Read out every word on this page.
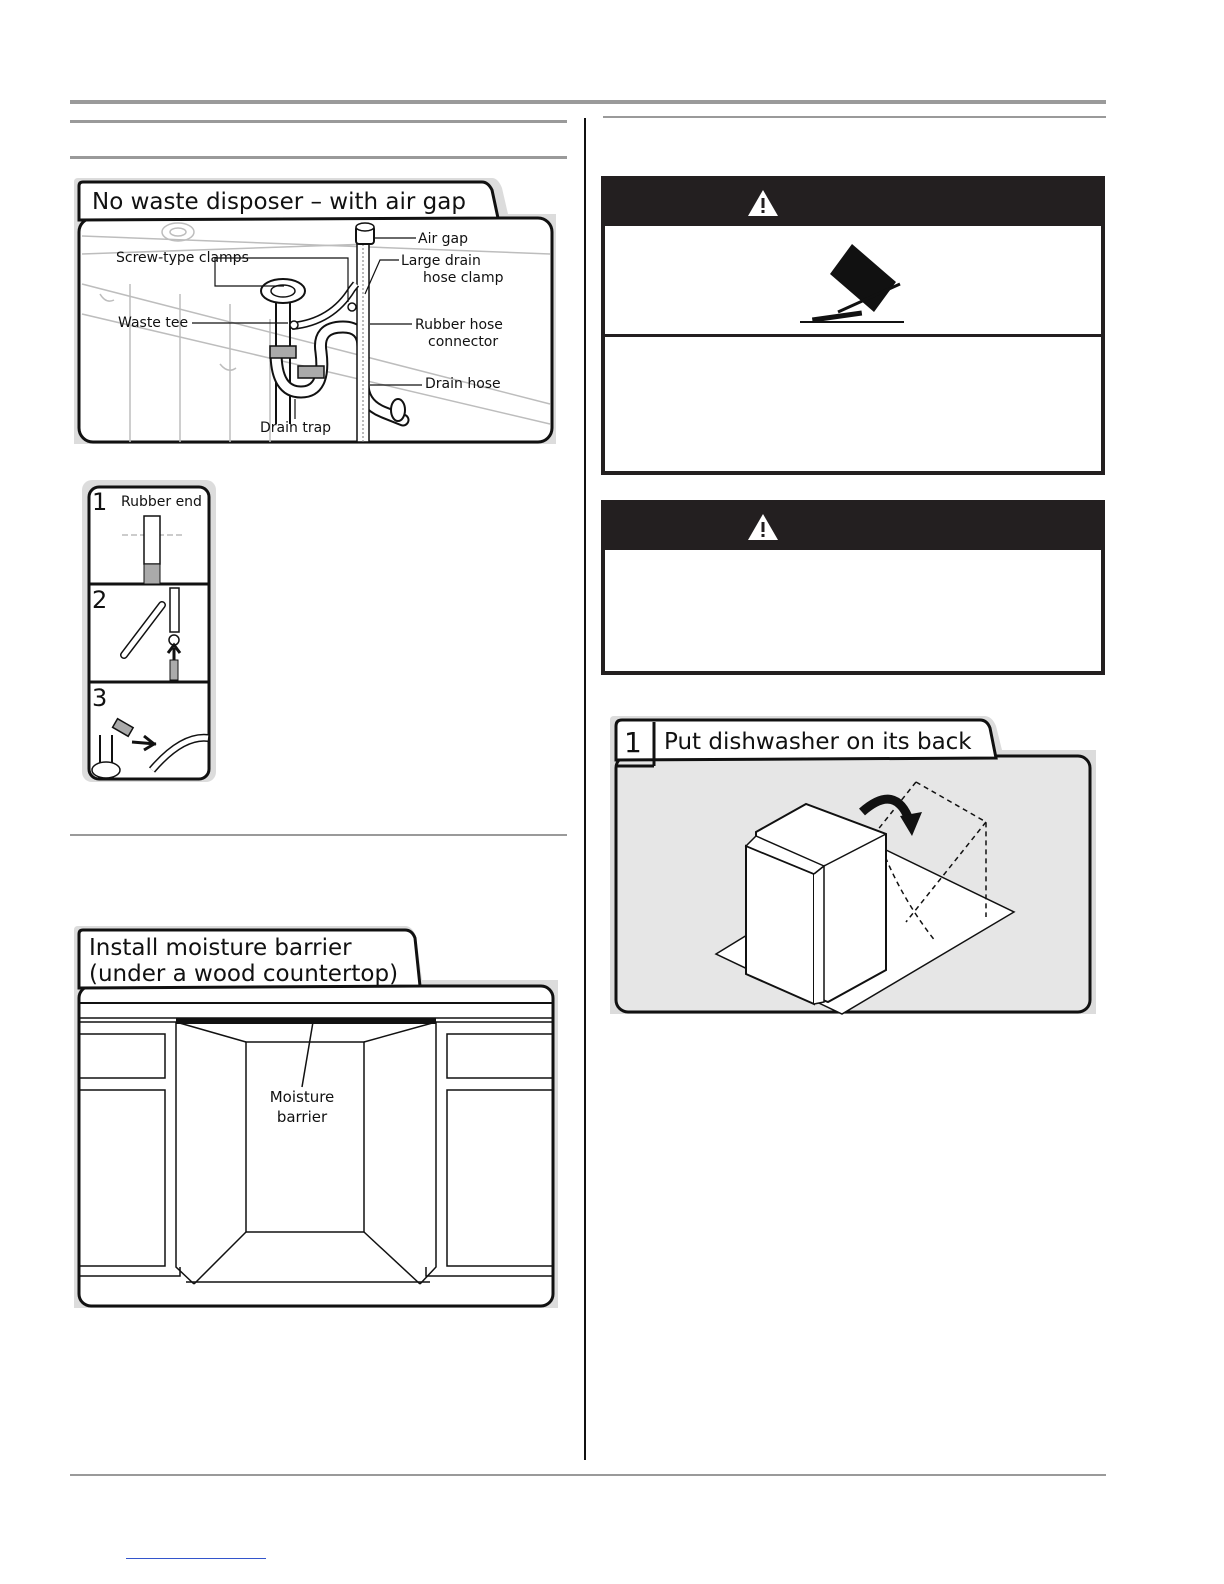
No waste disposer – with air gap
Air gap
Screw-type clamps	Large drain
hose clamp
Waste tee	Rubber hose
connector
Drain hose
Drain trap
1 Rubber end
2
3
Install moisture barrier
(under a wood countertop)
Moisture
barrier
1 Put dishwasher on its back
